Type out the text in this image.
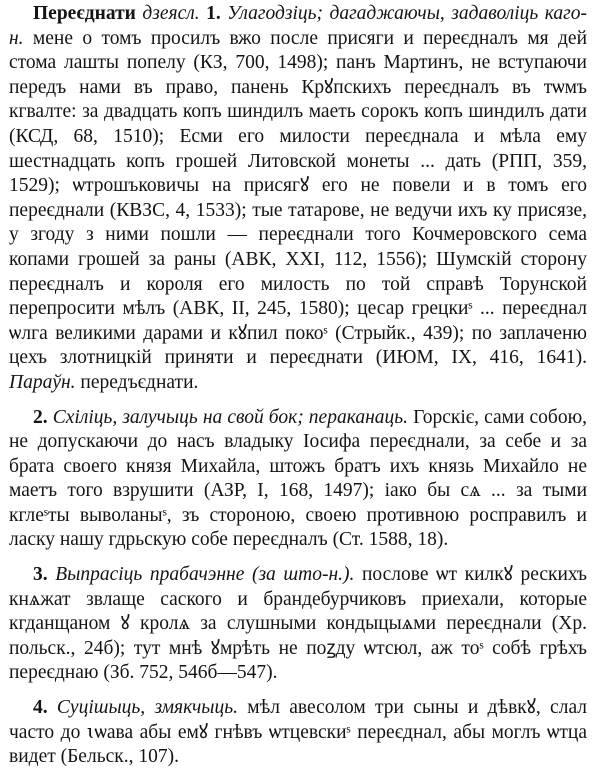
Переєднати дзеясл. 1. Улагодзіць; дагаджаючы, задаволіць каго-н. мене о томъ просилъ вжо после присяги и переєдналъ мя дей стома лашты попелу (КЗ, 700, 1498); панъ Мартинъ, не вступаючи передъ нами въ право, панень Крꙋпскихъ переєдналъ въ тѡмъ кгвалте: за двадцать копъ шиндилъ маеть сорокъ копъ шиндилъ дати (КСД, 68, 1510); Есми его милости переєднала и мѣла ему шестнадцать копъ грошей Литовской монеты ... дать (РПП, 359, 1529); ѡтрошъковичы на присягꙋ его не повели и в томъ его переєднали (КВЗС, 4, 1533); тые татарове, не ведучи ихъ ку присязе, у згоду з ними пошли — переєднали того Кочмеровского сема копами грошей за раны (АВК, XXI, 112, 1556); Шумскій сторону переєдналъ и короля его милость по той справѣ Торунской перепросити мѣлъ (АВК, II, 245, 1580); цесар грецкиˢ ... переєднал ѡлга великими дарами и кꙋпил покоˢ (Стрыйк., 439); по заплаченю цехъ злотницкій приняти и переєднати (ИЮМ, IX, 416, 1641). Параўн. передъєднати.

2. Схіліць, залучыць на свой бок; пераканаць. Горскіє, сами собою, не допускаючи до насъ владыку Іосифа переєднали, за себе и за брата своего князя Михайла, штожъ братъ ихъ князь Михайло не маетъ того взрушити (АЗР, I, 168, 1497); іако бы сѧ ... за тыми кглеˢты выволаныˢ, зъ стороною, своею противною росправилъ и ласку нашу гдрьскую собе переєдналъ (Ст. 1588, 18).

3. Выпрасіць прабачэнне (за што-н.). послове ѡт килкꙋ рескихъ кнѧжат звлаще саского и брандебурчиковъ приехали, которые кгданщаном ꙋ кролѧ за слушными кондыцыѧми переєднали (Хр. польск., 24б); тут мнѣ ꙋмрѣть не поꙁду ѡтсюл, аж тоˢ собѣ грѣхъ переєднаю (Зб. 752, 546б—547).

4. Суцішыць, змякчыць. мѣл авесолом три сыны и дѣвкꙋ, слал часто до ꙇѡава абы емꙋ гнѣвъ ѡтцевскиˢ переєднал, абы моглъ ѡтца видет (Бельск., 107).
